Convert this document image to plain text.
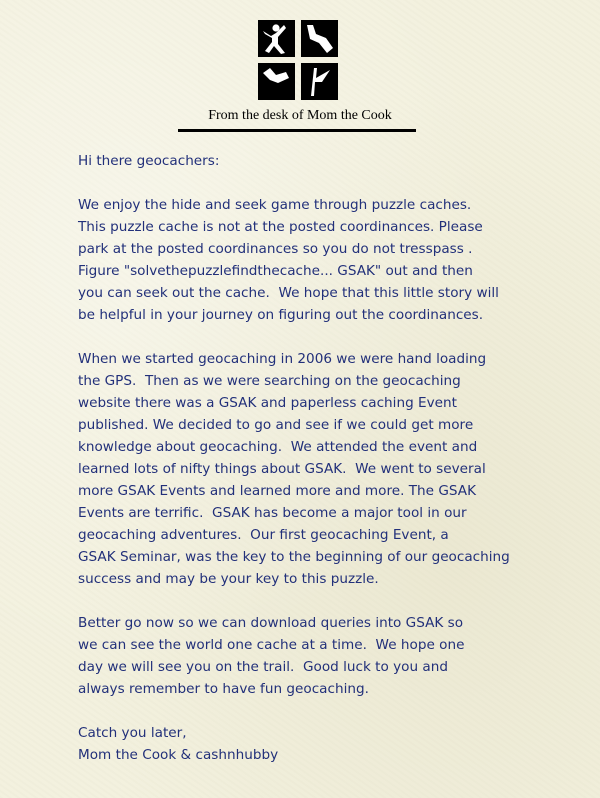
From the desk of Mom the Cook
Hi there geocachers:
We enjoy the hide and seek game through puzzle caches.
This puzzle cache is not at the posted coordinances. Please
park at the posted coordinances so you do not tresspass .
Figure "solvethepuzzlefindthecache... GSAK" out and then
you can seek out the cache.  We hope that this little story will
be helpful in your journey on figuring out the coordinances.
When we started geocaching in 2006 we were hand loading
the GPS.  Then as we were searching on the geocaching
website there was a GSAK and paperless caching Event
published. We decided to go and see if we could get more
knowledge about geocaching.  We attended the event and
learned lots of nifty things about GSAK.  We went to several
more GSAK Events and learned more and more. The GSAK
Events are terrific.  GSAK has become a major tool in our
geocaching adventures.  Our first geocaching Event, a
GSAK Seminar, was the key to the beginning of our geocaching
success and may be your key to this puzzle.
Better go now so we can download queries into GSAK so
we can see the world one cache at a time.  We hope one
day we will see you on the trail.  Good luck to you and
always remember to have fun geocaching.
Catch you later,
Mom the Cook & cashnhubby
